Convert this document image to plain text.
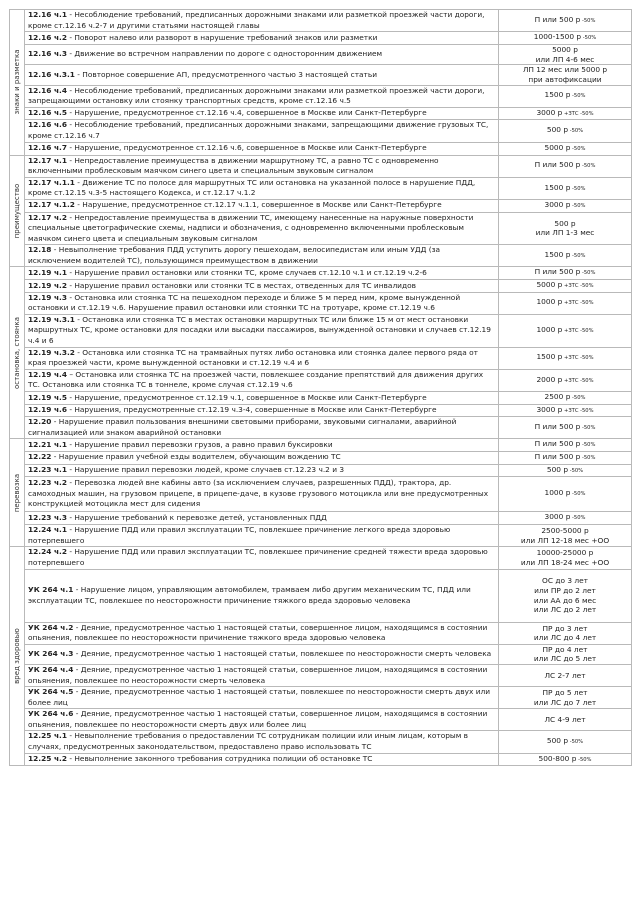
знаки и разметка	12.16 ч.1 - Несоблюдение требований, предписанных дорожными знаками или разметкой проезжей части дороги, кроме ст.12.16 ч.2-7 и другими статьями настоящей главы	П или 500 р -50%

	12.16 ч.2 - Поворот налево или разворот в нарушение требований знаков или разметки	1000-1500 р -50%

	12.16 ч.3 - Движение во встречном направлении по дороге с односторонним движением	5000 р
или ЛП 4-6 мес

	12.16 ч.3.1 - Повторное совершение АП, предусмотренного частью 3 настоящей статьи	ЛП 12 мес или 5000 р
при автофиксации

	12.16 ч.4 - Несоблюдение требований, предписанных дорожными знаками или разметкой проезжей части дороги, запрещающими остановку или стоянку транспортных средств, кроме ст.12.16 ч.5	1500 р -50%

	12.16 ч.5 - Нарушение, предусмотренное ст.12.16 ч.4, совершенное в Москве или Санкт-Петербурге	3000 р +ЗТС -50%

	12.16 ч.6 - Несоблюдение требований, предписанных дорожными знаками, запрещающими движение грузовых ТС, кроме ст.12.16 ч.7	500 р -50%

	12.16 ч.7 - Нарушение, предусмотренное ст.12.16 ч.6, совершенное в Москве или Санкт-Петербурге	5000 р -50%

преимущество	12.17 ч.1 - Непредоставление преимущества в движении маршрутному ТС, а равно ТС с одновременно включенными проблесковым маячком синего цвета и специальным звуковым сигналом	П или 500 р -50%

	12.17 ч.1.1 - Движение ТС по полосе для маршрутных ТС или остановка на указанной полосе в нарушение ПДД, кроме ст.12.15 ч.3-5 настоящего Кодекса, и ст.12.17 ч.1.2	1500 р -50%

	12.17 ч.1.2 - Нарушение, предусмотренное ст.12.17 ч.1.1, совершенное в Москве или Санкт-Петербурге	3000 р -50%

	12.17 ч.2 - Непредоставление преимущества в движении ТС, имеющему нанесенные на наружные поверхности специальные цветографические схемы, надписи и обозначения, с одновременно включенными проблесковым маячком синего цвета и специальным звуковым сигналом	500 р
или ЛП 1-3 мес

	12.18 - Невыполнение требования ПДД уступить дорогу пешеходам, велосипедистам или иным УДД (за исключением водителей ТС), пользующимся преимуществом в движении	1500 р -50%

остановка, стоянка	12.19 ч.1 - Нарушение правил остановки или стоянки ТС, кроме случаев ст.12.10 ч.1 и ст.12.19 ч.2-6	П или 500 р -50%

	12.19 ч.2 - Нарушение правил остановки или стоянки ТС в местах, отведенных для ТС инвалидов	5000 р +ЗТС -50%

	12.19 ч.3 - Остановка или стоянка ТС на пешеходном переходе и ближе 5 м перед ним, кроме вынужденной остановки и ст.12.19 ч.6. Нарушение правил остановки или стоянки ТС на тротуаре, кроме ст.12.19 ч.6	1000 р +ЗТС -50%

	12.19 ч.3.1 - Остановка или стоянка ТС в местах остановки маршрутных ТС или ближе 15 м от мест остановки маршрутных ТС, кроме остановки для посадки или высадки пассажиров, вынужденной остановки и случаев ст.12.19 ч.4 и 6	1000 р +ЗТС -50%

	12.19 ч.3.2 - Остановка или стоянка ТС на трамвайных путях либо остановка или стоянка далее первого ряда от края проезжей части, кроме вынужденной остановки и ст.12.19 ч.4 и 6	1500 р +ЗТС -50%

	12.19 ч.4 – Остановка или стоянка ТС на проезжей части, повлекшее создание препятствий для движения других ТС. Остановка или стоянка ТС в тоннеле, кроме случая ст.12.19 ч.6	2000 р +ЗТС -50%

	12.19 ч.5 - Нарушение, предусмотренное ст.12.19 ч.1, совершенное в Москве или Санкт-Петербурге	2500 р -50%

	12.19 ч.6 - Нарушения, предусмотренные ст.12.19 ч.3-4, совершенные в Москве или Санкт-Петербурге	3000 р +ЗТС -50%

	12.20 - Нарушение правил пользования внешними световыми приборами, звуковыми сигналами, аварийной сигнализацией или знаком аварийной остановки	П или 500 р -50%

перевозка	12.21 ч.1 - Нарушение правил перевозки грузов, а равно правил буксировки	П или 500 р -50%

	12.22 - Нарушение правил учебной езды водителем, обучающим вождению ТС	П или 500 р -50%

	12.23 ч.1 - Нарушение правил перевозки людей, кроме случаев ст.12.23 ч.2 и 3	500 р -50%

	12.23 ч.2 - Перевозка людей вне кабины авто (за исключением случаев, разрешенных ПДД), трактора, др. самоходных машин, на грузовом прицепе, в прицепе-даче, в кузове грузового мотоцикла или вне предусмотренных конструкцией мотоцикла мест для сидения	1000 р -50%

	12.23 ч.3 - Нарушение требований к перевозке детей, установленных ПДД	3000 р -50%

	12.24 ч.1 - Нарушение ПДД или правил эксплуатации ТС, повлекшее причинение легкого вреда здоровью потерпевшего	2500-5000 р
или ЛП 12-18 мес +ОО

вред здоровью	12.24 ч.2 - Нарушение ПДД или правил эксплуатации ТС, повлекшее причинение средней тяжести вреда здоровью потерпевшего	10000-25000 р
или ЛП 18-24 мес +ОО

	УК 264 ч.1 - Нарушение лицом, управляющим автомобилем, трамваем либо другим механическим ТС, ПДД или эксплуатации ТС, повлекшее по неосторожности причинение тяжкого вреда здоровью человека	ОС до 3 лет
или ПР до 2 лет
или АА до 6 мес
или ЛС до 2 лет

	УК 264 ч.2 - Деяние, предусмотренное частью 1 настоящей статьи, совершенное лицом, находящимся в состоянии опьянения, повлекшее по неосторожности причинение тяжкого вреда здоровью человека	ПР до 3 лет
или ЛС до 4 лет

	УК 264 ч.3 - Деяние, предусмотренное частью 1 настоящей статьи, повлекшее по неосторожности смерть человека	ПР до 4 лет
или ЛС до 5 лет

	УК 264 ч.4 - Деяние, предусмотренное частью 1 настоящей статьи, совершенное лицом, находящимся в состоянии опьянения, повлекшее по неосторожности смерть человека	ЛС 2-7 лет

	УК 264 ч.5 - Деяние, предусмотренное частью 1 настоящей статьи, повлекшее по неосторожности смерть двух или более лиц	ПР до 5 лет
или ЛС до 7 лет

	УК 264 ч.6 - Деяние, предусмотренное частью 1 настоящей статьи, совершенное лицом, находящимся в состоянии опьянения, повлекшее по неосторожности смерть двух или более лиц	ЛС 4-9 лет

	12.25 ч.1 - Невыполнение требования о предоставлении ТС сотрудникам полиции или иным лицам, которым в случаях, предусмотренных законодательством, предоставлено право использовать ТС	500 р -50%

	12.25 ч.2 - Невыполнение законного требования сотрудника полиции об остановке ТС	500-800 р -50%
